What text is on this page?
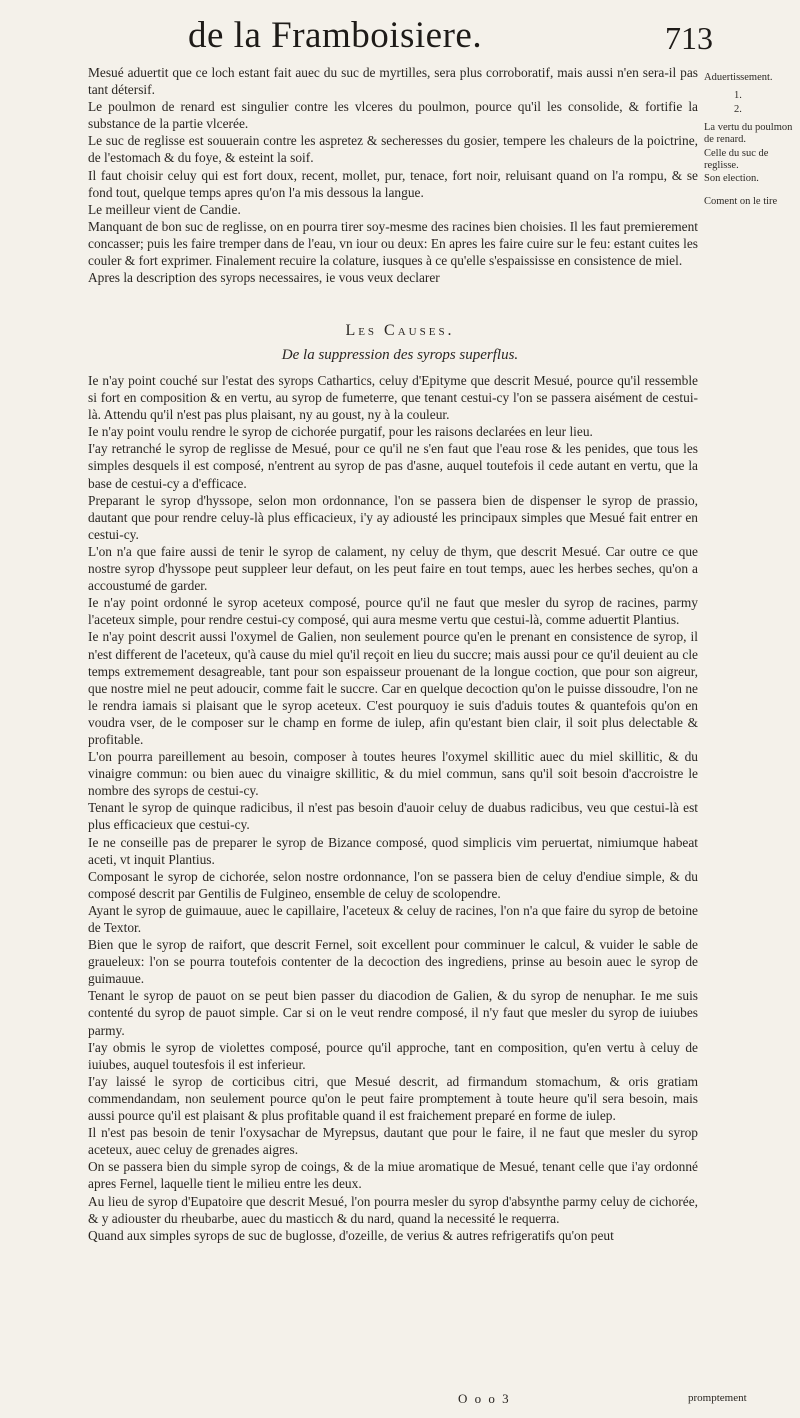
de la Framboisiere.	713

Mesué aduertit que ce loch estant fait auec du suc de myrtilles, sera plus corroboratif, mais aussi n'en sera-il pas tant détersif.

Le poulmon de renard est singulier contre les vlceres du poulmon, pource qu'il les consolide, & fortifie la substance de la partie vlcerée.

Le suc de reglisse est souuerain contre les aspretez & secheresses du gosier, tempere les chaleurs de la poictrine, de l'estomach & du foye, & esteint la soif.

Il faut choisir celuy qui est fort doux, recent, mollet, pur, tenace, fort noir, reluisant quand on l'a rompu, & se fond tout, quelque temps apres qu'on l'a mis dessous la langue.

Le meilleur vient de Candie.

Manquant de bon suc de reglisse, on en pourra tirer soy-mesme des racines bien choisies. Il les faut premierement concasser; puis les faire tremper dans de l'eau, vn iour ou deux: En apres les faire cuire sur le feu: estant cuites les couler & fort exprimer. Finalement recuire la colature, iusques à ce qu'elle s'espaississe en consistence de miel.

Apres la description des syrops necessaires, ie vous veux declarer

Aduertissement.
1.
2.
La vertu du poulmon de renard.
Celle du suc de reglisse.
Son election.
Coment on le tire
Les Causes.
De la suppression des syrops superflus.

Ie n'ay point couché sur l'estat des syrops Cathartics, celuy d'Epityme que descrit Mesué, pource qu'il ressemble si fort en composition & en vertu, au syrop de fumeterre, que tenant cestui-cy l'on se passera aisément de cestui-là. Attendu qu'il n'est pas plus plaisant, ny au goust, ny à la couleur.

Ie n'ay point voulu rendre le syrop de cichorée purgatif, pour les raisons declarées en leur lieu.

I'ay retranché le syrop de reglisse de Mesué, pour ce qu'il ne s'en faut que l'eau rose & les penides, que tous les simples desquels il est composé, n'entrent au syrop de pas d'asne, auquel toutefois il cede autant en vertu, que la base de cestui-cy a d'efficace.

Preparant le syrop d'hyssope, selon mon ordonnance, l'on se passera bien de dispenser le syrop de prassio, dautant que pour rendre celuy-là plus efficacieux, i'y ay adiousté les principaux simples que Mesué fait entrer en cestui-cy.

L'on n'a que faire aussi de tenir le syrop de calament, ny celuy de thym, que descrit Mesué. Car outre ce que nostre syrop d'hyssope peut suppleer leur defaut, on les peut faire en tout temps, auec les herbes seches, qu'on a accoustumé de garder.

Ie n'ay point ordonné le syrop aceteux composé, pource qu'il ne faut que mesler du syrop de racines, parmy l'aceteux simple, pour rendre cestui-cy composé, qui aura mesme vertu que cestui-là, comme aduertit Plantius.

Ie n'ay point descrit aussi l'oxymel de Galien, non seulement pource qu'en le prenant en consistence de syrop, il n'est different de l'aceteux, qu'à cause du miel qu'il reçoit en lieu du succre; mais aussi pour ce qu'il deuient au cle temps extremement desagreable, tant pour son espaisseur prouenant de la longue coction, que pour son aigreur, que nostre miel ne peut adoucir, comme fait le succre. Car en quelque decoction qu'on le puisse dissoudre, l'on ne le rendra iamais si plaisant que le syrop aceteux. C'est pourquoy ie suis d'aduis toutes & quantefois qu'on en voudra vser, de le composer sur le champ en forme de iulep, afin qu'estant bien clair, il soit plus delectable & profitable.

L'on pourra pareillement au besoin, composer à toutes heures l'oxymel skillitic auec du miel skillitic, & du vinaigre commun: ou bien auec du vinaigre skillitic, & du miel commun, sans qu'il soit besoin d'accroistre le nombre des syrops de cestui-cy.

Tenant le syrop de quinque radicibus, il n'est pas besoin d'auoir celuy de duabus radicibus, veu que cestui-là est plus efficacieux que cestui-cy.

Ie ne conseille pas de preparer le syrop de Bizance composé, quod simplicis vim peruertat, nimiumque habeat aceti, vt inquit Plantius.

Composant le syrop de cichorée, selon nostre ordonnance, l'on se passera bien de celuy d'endiue simple, & du composé descrit par Gentilis de Fulgineo, ensemble de celuy de scolopendre.

Ayant le syrop de guimauue, auec le capillaire, l'aceteux & celuy de racines, l'on n'a que faire du syrop de betoine de Textor.

Bien que le syrop de raifort, que descrit Fernel, soit excellent pour comminuer le calcul, & vuider le sable de graueleux: l'on se pourra toutefois contenter de la decoction des ingrediens, prinse au besoin auec le syrop de guimauue.

Tenant le syrop de pauot on se peut bien passer du diacodion de Galien, & du syrop de nenuphar. Ie me suis contenté du syrop de pauot simple. Car si on le veut rendre composé, il n'y faut que mesler du syrop de iuiubes parmy.

I'ay obmis le syrop de violettes composé, pource qu'il approche, tant en composition, qu'en vertu à celuy de iuiubes, auquel toutesfois il est inferieur.

I'ay laissé le syrop de corticibus citri, que Mesué descrit, ad firmandum stomachum, & oris gratiam commendandam, non seulement pource qu'on le peut faire promptement à toute heure qu'il sera besoin, mais aussi pource qu'il est plaisant & plus profitable quand il est fraichement preparé en forme de iulep.

Il n'est pas besoin de tenir l'oxysachar de Myrepsus, dautant que pour le faire, il ne faut que mesler du syrop aceteux, auec celuy de grenades aigres.

On se passera bien du simple syrop de coings, & de la miue aromatique de Mesué, tenant celle que i'ay ordonné apres Fernel, laquelle tient le milieu entre les deux.

Au lieu de syrop d'Eupatoire que descrit Mesué, l'on pourra mesler du syrop d'absynthe parmy celuy de cichorée, & y adiouster du rheubarbe, auec du masticch & du nard, quand la necessité le requerra.

Quand aux simples syrops de suc de buglosse, d'ozeille, de verius & autres refrigeratifs qu'on peut

O o o 3	promptement
